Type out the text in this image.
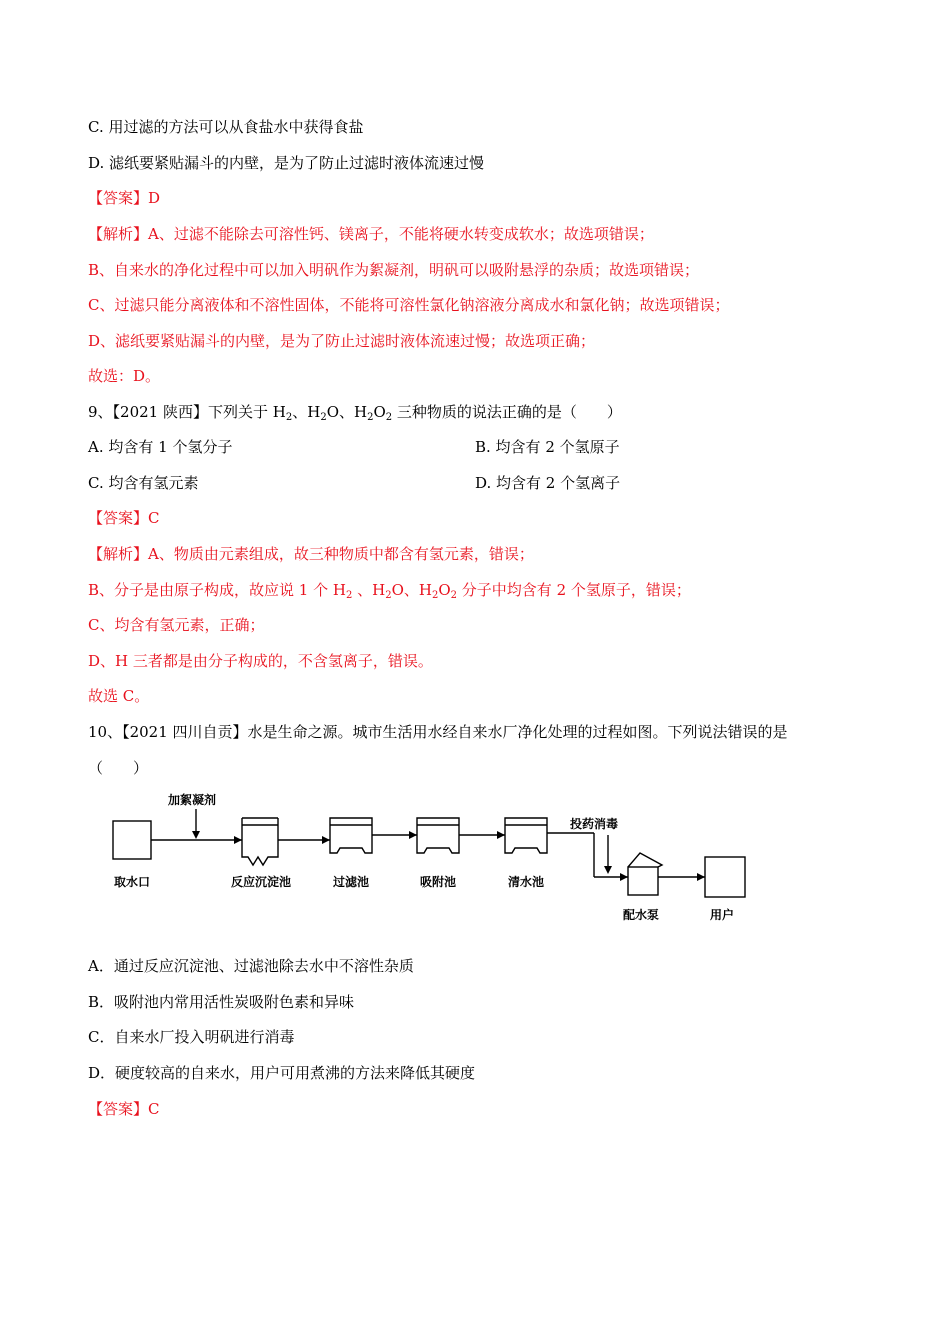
C. 用过滤的方法可以从食盐水中获得食盐
D. 滤纸要紧贴漏斗的内壁，是为了防止过滤时液体流速过慢
【答案】D
【解析】A、过滤不能除去可溶性钙、镁离子，不能将硬水转变成软水；故选项错误；
B、自来水的净化过程中可以加入明矾作为絮凝剂，明矾可以吸附悬浮的杂质；故选项错误；
C、过滤只能分离液体和不溶性固体，不能将可溶性氯化钠溶液分离成水和氯化钠；故选项错误；
D、滤纸要紧贴漏斗的内壁，是为了防止过滤时液体流速过慢；故选项正确；
故选：D。
9、【2021 陕西】下列关于 $H_2$、$H_2O$、$H_2O_2$ 三种物质的说法正确的是（　　）
A. 均含有 1 个氢分子	B. 均含有 2 个氢原子
C. 均含有氢元素	D. 均含有 2 个氢离子
【答案】C
【解析】A、物质由元素组成，故三种物质中都含有氢元素，错误；
B、分子是由原子构成，故应说 1 个 $H_2$ 、$H_2O$、$H_2O_2$ 分子中均含有 2 个氢原子，错误；
C、均含有氢元素，正确；
D、H 三者都是由分子构成的，不含氢离子，错误。
故选 C。
10、【2021 四川自贡】水是生命之源。城市生活用水经自来水厂净化处理的过程如图。下列说法错误的是
（　　）
加絮凝剂
投药消毒
取水口	反应沉淀池	过滤池	吸附池	清水池
配水泵	用户
A．通过反应沉淀池、过滤池除去水中不溶性杂质
B．吸附池内常用活性炭吸附色素和异味
C．自来水厂投入明矾进行消毒
D．硬度较高的自来水，用户可用煮沸的方法来降低其硬度
【答案】C
